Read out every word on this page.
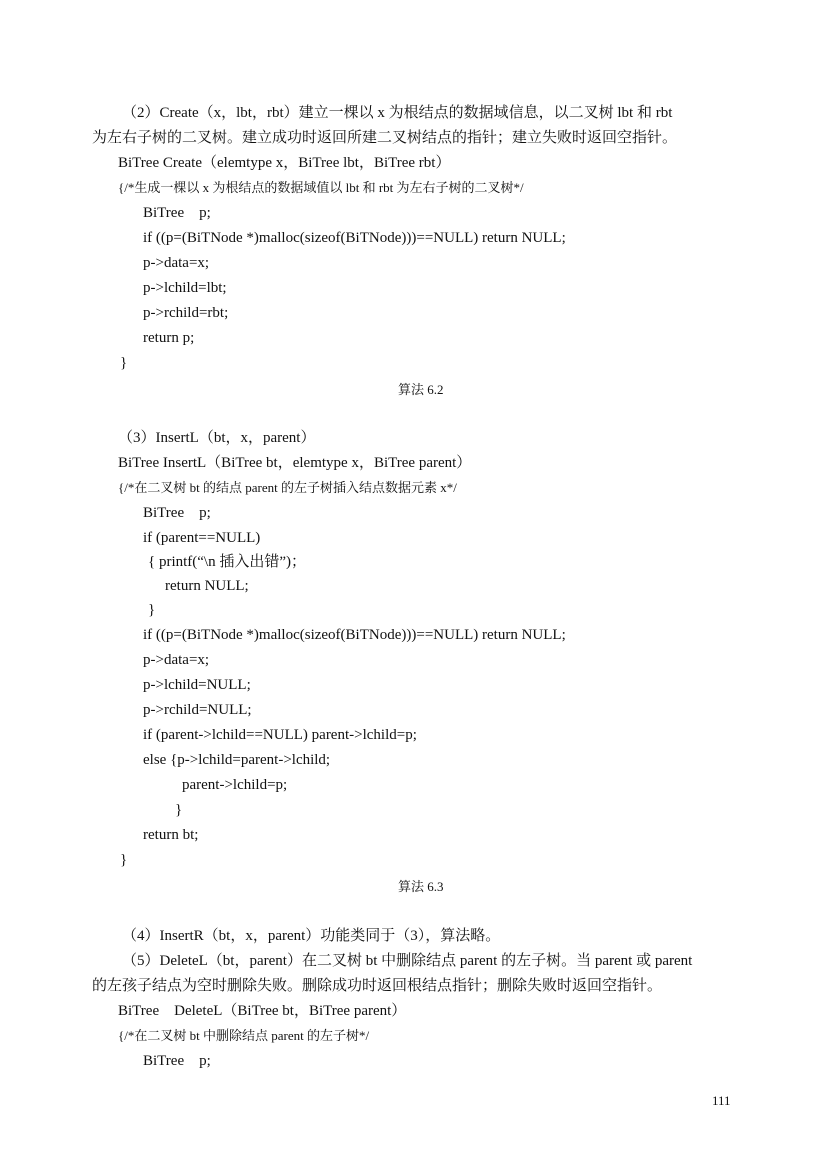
（2）Create（x，lbt，rbt）建立一棵以 x 为根结点的数据域信息，以二叉树 lbt 和 rbt
为左右子树的二叉树。建立成功时返回所建二叉树结点的指针；建立失败时返回空指针。
BiTree Create（elemtype x，BiTree lbt，BiTree rbt）
{/*生成一棵以 x 为根结点的数据域值以 lbt 和 rbt 为左右子树的二叉树*/
BiTree    p;
if ((p=(BiTNode *)malloc(sizeof(BiTNode)))==NULL) return NULL;
p->data=x;
p->lchild=lbt;
p->rchild=rbt;
return p;
}
算法 6.2
（3）InsertL（bt，x，parent）
BiTree InsertL（BiTree bt，elemtype x，BiTree parent）
{/*在二叉树 bt 的结点 parent 的左子树插入结点数据元素 x*/
BiTree    p;
if (parent==NULL)
{ printf(“\n 插入出错”)；
return NULL;
}
if ((p=(BiTNode *)malloc(sizeof(BiTNode)))==NULL) return NULL;
p->data=x;
p->lchild=NULL;
p->rchild=NULL;
if (parent->lchild==NULL) parent->lchild=p;
else {p->lchild=parent->lchild;
parent->lchild=p;
}
return bt;
}
算法 6.3
（4）InsertR（bt，x，parent）功能类同于（3），算法略。
（5）DeleteL（bt，parent）在二叉树 bt 中删除结点 parent 的左子树。当 parent 或 parent
的左孩子结点为空时删除失败。删除成功时返回根结点指针；删除失败时返回空指针。
BiTree    DeleteL（BiTree bt，BiTree parent）
{/*在二叉树 bt 中删除结点 parent 的左子树*/
BiTree    p;
111
